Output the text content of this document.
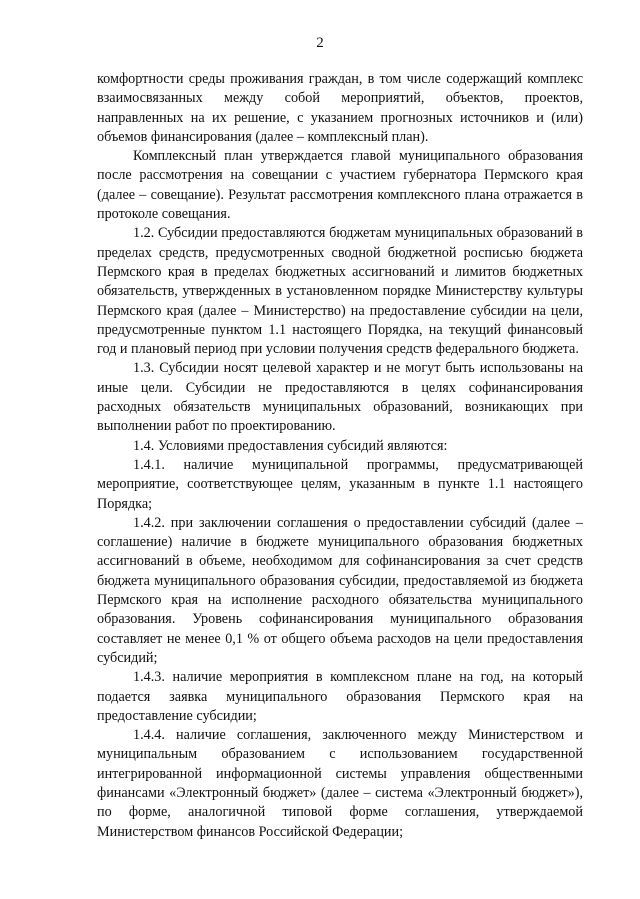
2

комфортности среды проживания граждан, в том числе содержащий комплекс взаимосвязанных между собой мероприятий, объектов, проектов, направленных на их решение, с указанием прогнозных источников и (или) объемов финансирования (далее – комплексный план).

Комплексный план утверждается главой муниципального образования после рассмотрения на совещании с участием губернатора Пермского края (далее – совещание). Результат рассмотрения комплексного плана отражается в протоколе совещания.

1.2. Субсидии предоставляются бюджетам муниципальных образований в пределах средств, предусмотренных сводной бюджетной росписью бюджета Пермского края в пределах бюджетных ассигнований и лимитов бюджетных обязательств, утвержденных в установленном порядке Министерству культуры Пермского края (далее – Министерство) на предоставление субсидии на цели, предусмотренные пунктом 1.1 настоящего Порядка, на текущий финансовый год и плановый период при условии получения средств федерального бюджета.

1.3. Субсидии носят целевой характер и не могут быть использованы на иные цели. Субсидии не предоставляются в целях софинансирования расходных обязательств муниципальных образований, возникающих при выполнении работ по проектированию.

1.4. Условиями предоставления субсидий являются:

1.4.1. наличие муниципальной программы, предусматривающей мероприятие, соответствующее целям, указанным в пункте 1.1 настоящего Порядка;

1.4.2. при заключении соглашения о предоставлении субсидий (далее – соглашение) наличие в бюджете муниципального образования бюджетных ассигнований в объеме, необходимом для софинансирования за счет средств бюджета муниципального образования субсидии, предоставляемой из бюджета Пермского края на исполнение расходного обязательства муниципального образования. Уровень софинансирования муниципального образования составляет не менее 0,1 % от общего объема расходов на цели предоставления субсидий;

1.4.3. наличие мероприятия в комплексном плане на год, на который подается заявка муниципального образования Пермского края на предоставление субсидии;

1.4.4. наличие соглашения, заключенного между Министерством и муниципальным образованием с использованием государственной интегрированной информационной системы управления общественными финансами «Электронный бюджет» (далее – система «Электронный бюджет»), по форме, аналогичной типовой форме соглашения, утверждаемой Министерством финансов Российской Федерации;
